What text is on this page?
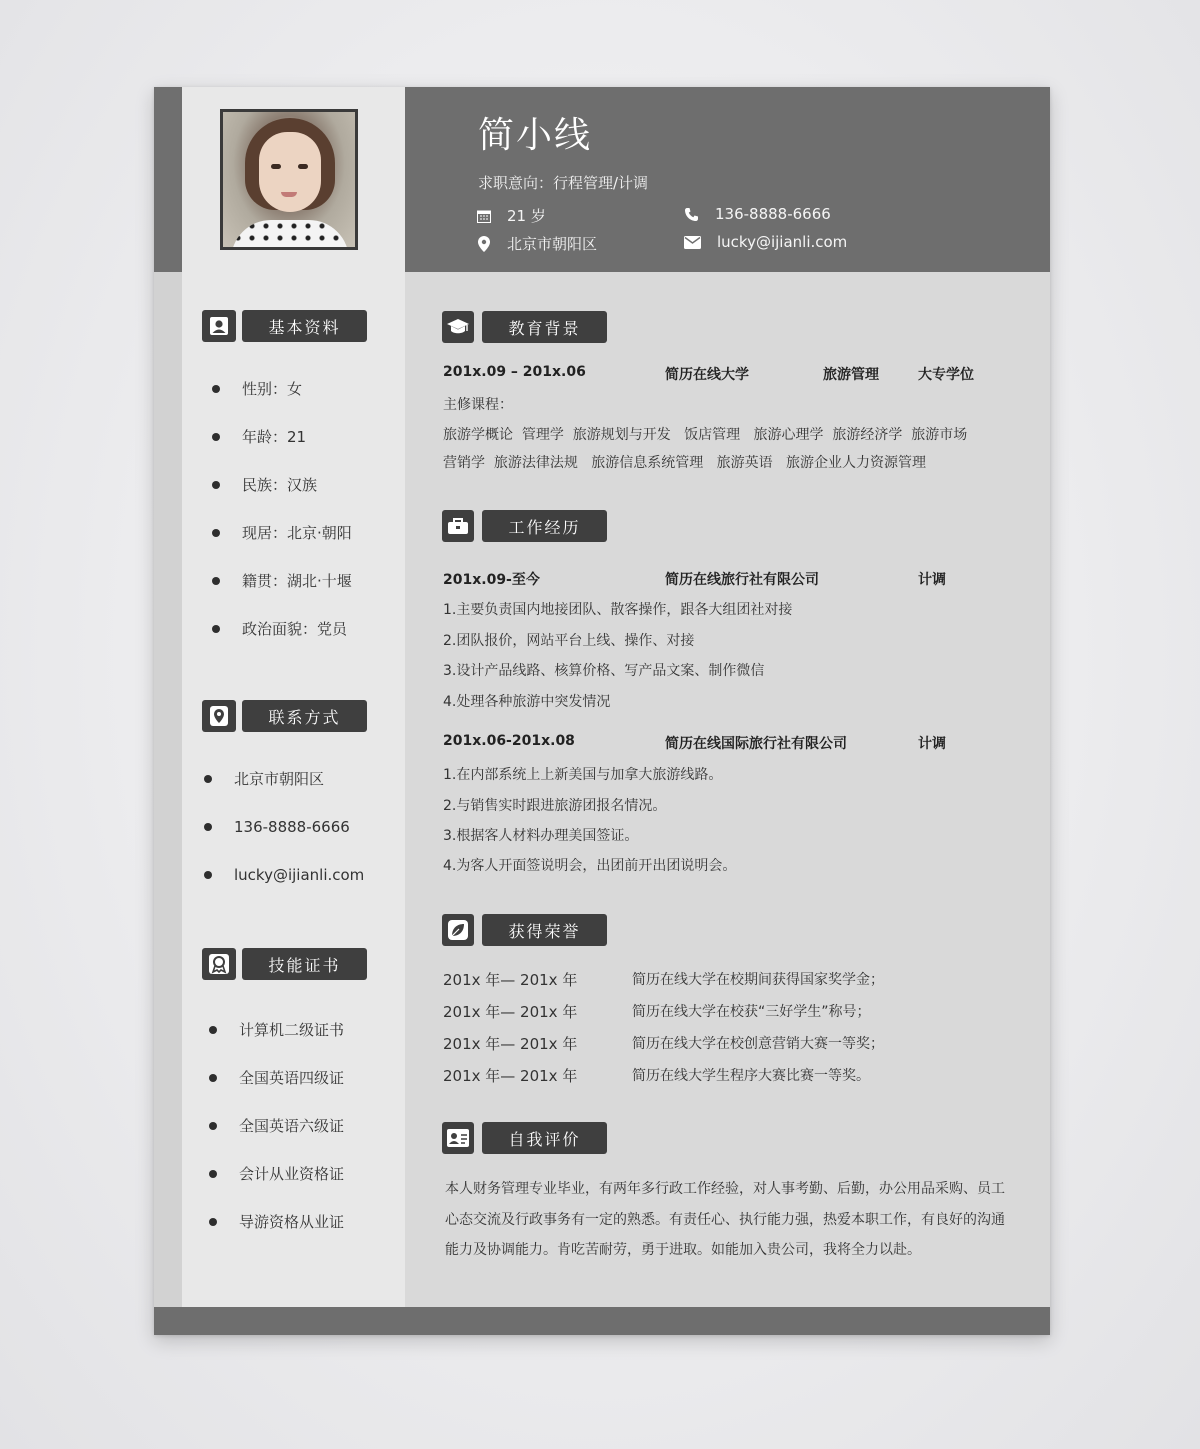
基本资料
性别：女
年龄：21
民族：汉族
现居：北京·朝阳
籍贯：湖北·十堰
政治面貌：党员
联系方式
北京市朝阳区
136-8888-6666
lucky@ijianli.com
技能证书
计算机二级证书
全国英语四级证
全国英语六级证
会计从业资格证
导游资格从业证
简小线
求职意向：行程管理/计调
21 岁
北京市朝阳区
136-8888-6666
lucky@ijianli.com
教育背景
201x.09 – 201x.06	简历在线大学	旅游管理	大专学位
主修课程：
旅游学概论  管理学  旅游规划与开发   饭店管理   旅游心理学  旅游经济学  旅游市场
营销学  旅游法律法规   旅游信息系统管理   旅游英语   旅游企业人力资源管理
工作经历
201x.09-至今	简历在线旅行社有限公司	计调
1.主要负责国内地接团队、散客操作，跟各大组团社对接
2.团队报价，网站平台上线、操作、对接
3.设计产品线路、核算价格、写产品文案、制作微信
4.处理各种旅游中突发情况
201x.06-201x.08	简历在线国际旅行社有限公司	计调
1.在内部系统上上新美国与加拿大旅游线路。
2.与销售实时跟进旅游团报名情况。
3.根据客人材料办理美国签证。
4.为客人开面签说明会，出团前开出团说明会。
获得荣誉
201x 年— 201x 年	简历在线大学在校期间获得国家奖学金；
201x 年— 201x 年	简历在线大学在校获“三好学生”称号；
201x 年— 201x 年	简历在线大学在校创意营销大赛一等奖；
201x 年— 201x 年	简历在线大学生程序大赛比赛一等奖。
自我评价
本人财务管理专业毕业，有两年多行政工作经验，对人事考勤、后勤，办公用品采购、员工心态交流及行政事务有一定的熟悉。有责任心、执行能力强，热爱本职工作，有良好的沟通能力及协调能力。肯吃苦耐劳，勇于进取。如能加入贵公司，我将全力以赴。
